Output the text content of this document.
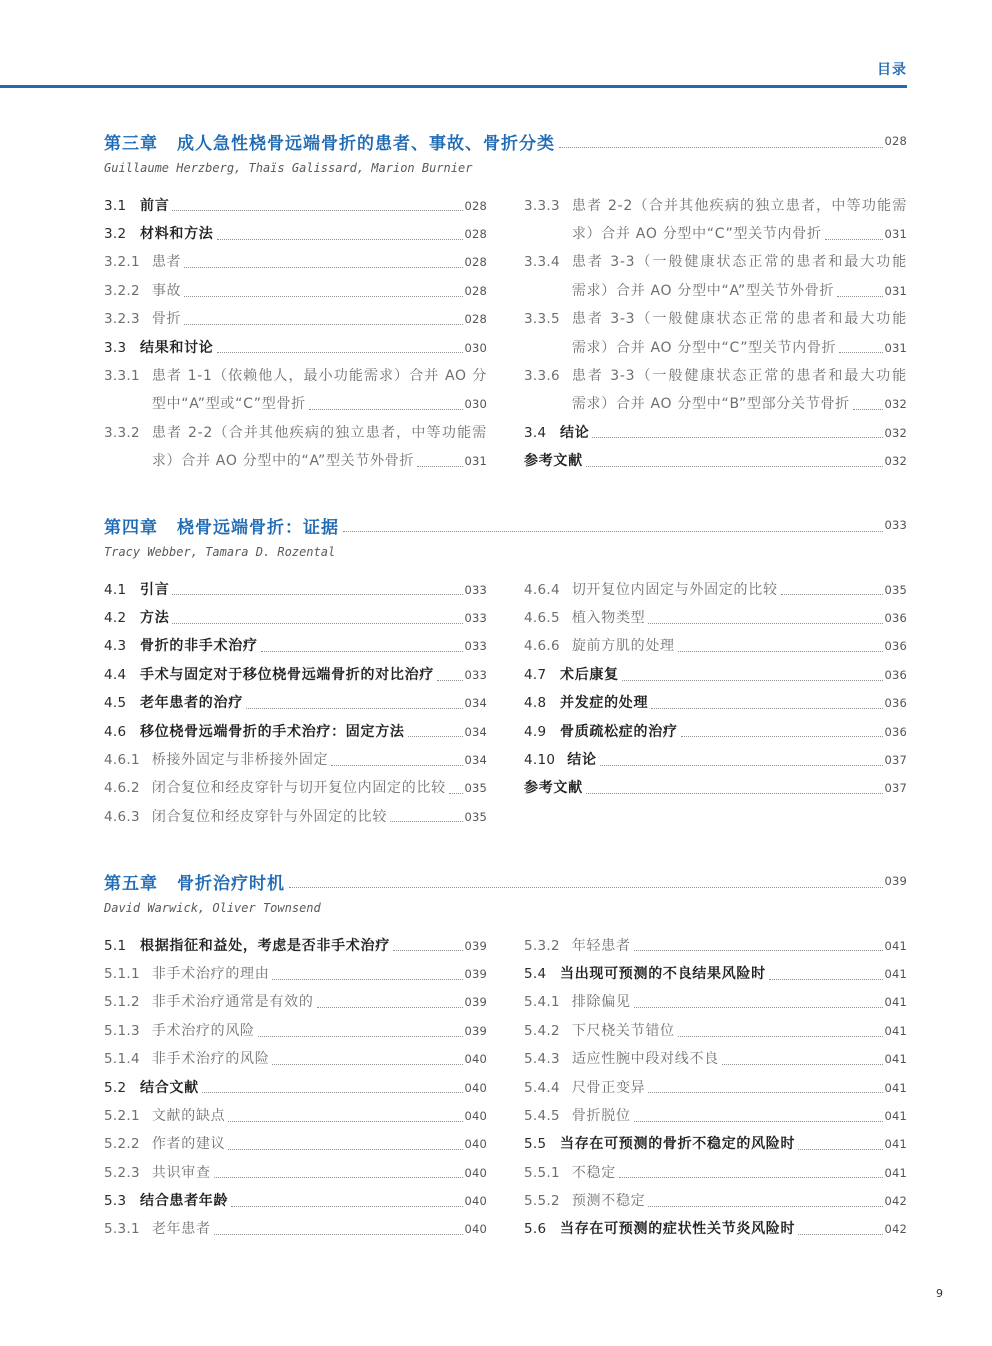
目录
第三章 成人急性桡骨远端骨折的患者、事故、骨折分类	028
Guillaume Herzberg, Thaïs Galissard, Marion Burnier
3.1 前言	028
3.2 材料和方法	028
3.2.1 患者	028
3.2.2 事故	028
3.2.3 骨折	028
3.3 结果和讨论	030
3.3.1 患者 1-1（依赖他人，最小功能需求）合并 AO 分
型中“A”型或“C”型骨折	030
3.3.2 患者 2-2（合并其他疾病的独立患者，中等功能需
求）合并 AO 分型中的“A”型关节外骨折	031
3.3.3 患者 2-2（合并其他疾病的独立患者，中等功能需
求）合并 AO 分型中“C”型关节内骨折	031
3.3.4 患者 3-3（一般健康状态正常的患者和最大功能
需求）合并 AO 分型中“A”型关节外骨折	031
3.3.5 患者 3-3（一般健康状态正常的患者和最大功能
需求）合并 AO 分型中“C”型关节内骨折	031
3.3.6 患者 3-3（一般健康状态正常的患者和最大功能
需求）合并 AO 分型中“B”型部分关节骨折	032
3.4 结论	032
参考文献	032
第四章 桡骨远端骨折：证据	033
Tracy Webber, Tamara D. Rozental
4.1 引言	033
4.2 方法	033
4.3 骨折的非手术治疗	033
4.4 手术与固定对于移位桡骨远端骨折的对比治疗	033
4.5 老年患者的治疗	034
4.6 移位桡骨远端骨折的手术治疗：固定方法	034
4.6.1 桥接外固定与非桥接外固定	034
4.6.2 闭合复位和经皮穿针与切开复位内固定的比较 035
4.6.3 闭合复位和经皮穿针与外固定的比较	035
4.6.4 切开复位内固定与外固定的比较	035
4.6.5 植入物类型	036
4.6.6 旋前方肌的处理	036
4.7 术后康复	036
4.8 并发症的处理	036
4.9 骨质疏松症的治疗	036
4.10 结论	037
参考文献	037
第五章 骨折治疗时机	039
David Warwick, Oliver Townsend
5.1 根据指征和益处，考虑是否非手术治疗	039
5.1.1 非手术治疗的理由	039
5.1.2 非手术治疗通常是有效的	039
5.1.3 手术治疗的风险	039
5.1.4 非手术治疗的风险	040
5.2 结合文献	040
5.2.1 文献的缺点	040
5.2.2 作者的建议	040
5.2.3 共识审查	040
5.3 结合患者年龄	040
5.3.1 老年患者	040
5.3.2 年轻患者	041
5.4 当出现可预测的不良结果风险时	041
5.4.1 排除偏见	041
5.4.2 下尺桡关节错位	041
5.4.3 适应性腕中段对线不良	041
5.4.4 尺骨正变异	041
5.4.5 骨折脱位	041
5.5 当存在可预测的骨折不稳定的风险时	041
5.5.1 不稳定	041
5.5.2 预测不稳定	042
5.6 当存在可预测的症状性关节炎风险时	042
9
